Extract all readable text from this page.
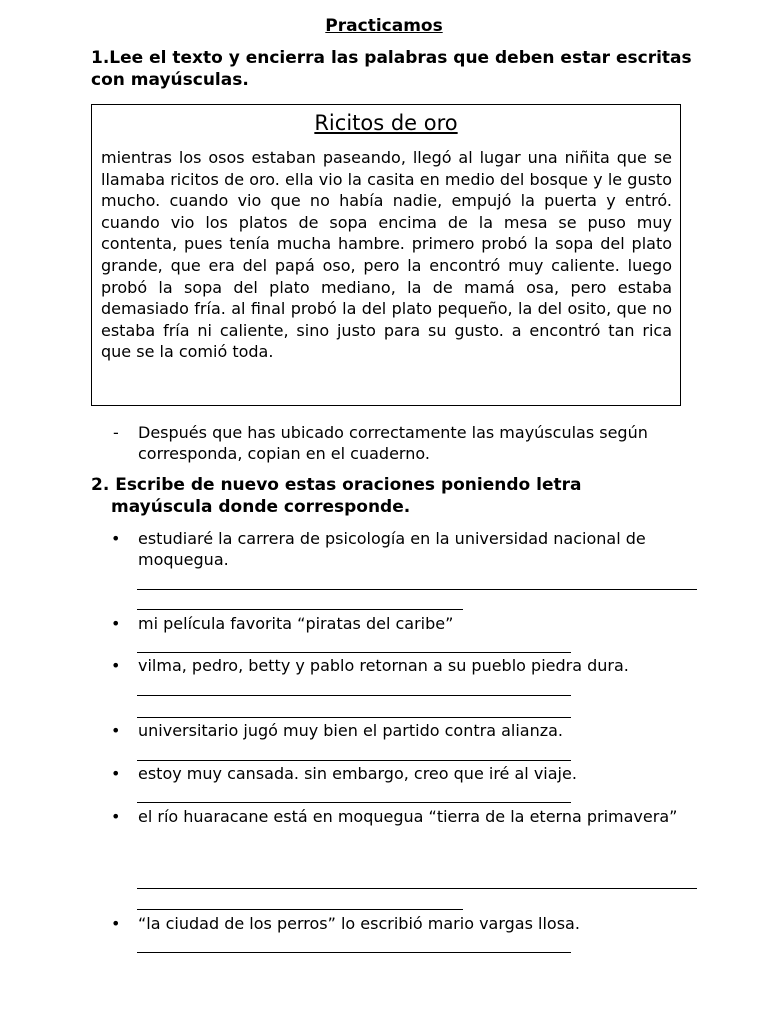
Practicamos
1.Lee el texto y encierra las palabras que deben estar escritas con mayúsculas.
Ricitos de oro
mientras los osos estaban paseando, llegó al lugar una niñita que se llamaba ricitos de oro. ella vio la casita en medio del bosque y le gusto mucho. cuando vio que no había nadie, empujó la puerta y entró. cuando vio los platos de sopa encima de la mesa se puso muy contenta, pues tenía mucha hambre. primero probó la sopa del plato grande, que era del papá oso, pero la encontró muy caliente. luego probó la sopa del plato mediano, la de mamá osa, pero estaba demasiado fría. al final probó la del plato pequeño, la del osito, que no estaba fría ni caliente, sino justo para su gusto. a encontró tan rica que se la comió toda.
-	Después que has ubicado correctamente las mayúsculas según corresponda, copian en el cuaderno.
2. Escribe de nuevo estas oraciones poniendo letra
mayúscula donde corresponde.
•	estudiaré la carrera de psicología en la universidad nacional de moquegua.
•	mi película favorita “piratas del caribe”
•	vilma, pedro, betty y pablo retornan a su pueblo piedra dura.
•	universitario jugó muy bien el partido contra alianza.
•	estoy muy cansada. sin embargo, creo que iré al viaje.
•	el río huaracane está en moquegua “tierra de la eterna primavera”
•	“la ciudad de los perros” lo escribió mario vargas llosa.
